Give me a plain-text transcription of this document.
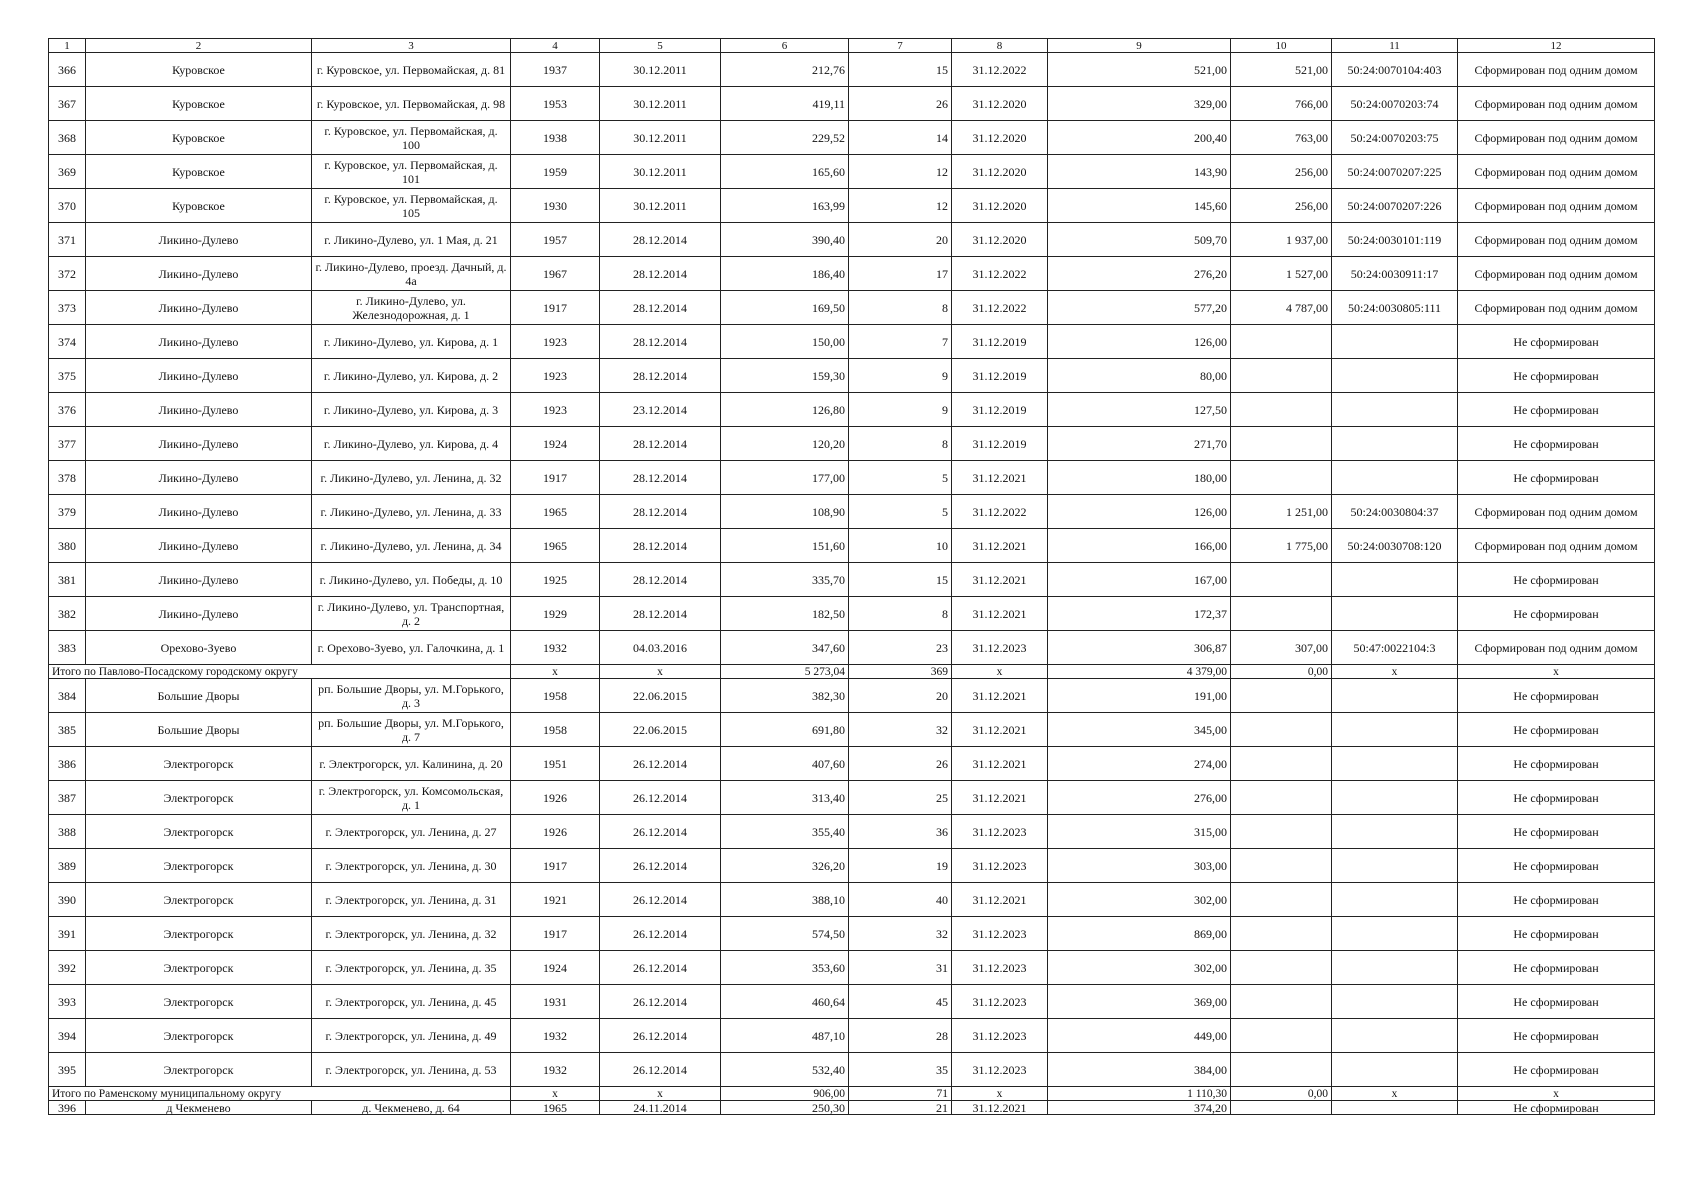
1	2	3	4	5	6	7	8	9	10	11	12
366	Куровское	г. Куровское, ул. Первомайская, д. 81	1937	30.12.2011	212,76	15	31.12.2022	521,00	521,00	50:24:0070104:403	Сформирован под одним домом
367	Куровское	г. Куровское, ул. Первомайская, д. 98	1953	30.12.2011	419,11	26	31.12.2020	329,00	766,00	50:24:0070203:74	Сформирован под одним домом
368	Куровское	г. Куровское, ул. Первомайская, д. 100	1938	30.12.2011	229,52	14	31.12.2020	200,40	763,00	50:24:0070203:75	Сформирован под одним домом
369	Куровское	г. Куровское, ул. Первомайская, д. 101	1959	30.12.2011	165,60	12	31.12.2020	143,90	256,00	50:24:0070207:225	Сформирован под одним домом
370	Куровское	г. Куровское, ул. Первомайская, д. 105	1930	30.12.2011	163,99	12	31.12.2020	145,60	256,00	50:24:0070207:226	Сформирован под одним домом
371	Ликино-Дулево	г. Ликино-Дулево, ул. 1 Мая, д. 21	1957	28.12.2014	390,40	20	31.12.2020	509,70	1 937,00	50:24:0030101:119	Сформирован под одним домом
372	Ликино-Дулево	г. Ликино-Дулево, проезд. Дачный, д. 4а	1967	28.12.2014	186,40	17	31.12.2022	276,20	1 527,00	50:24:0030911:17	Сформирован под одним домом
373	Ликино-Дулево	г. Ликино-Дулево, ул. Железнодорожная, д. 1	1917	28.12.2014	169,50	8	31.12.2022	577,20	4 787,00	50:24:0030805:111	Сформирован под одним домом
374	Ликино-Дулево	г. Ликино-Дулево, ул. Кирова, д. 1	1923	28.12.2014	150,00	7	31.12.2019	126,00			Не сформирован
375	Ликино-Дулево	г. Ликино-Дулево, ул. Кирова, д. 2	1923	28.12.2014	159,30	9	31.12.2019	80,00			Не сформирован
376	Ликино-Дулево	г. Ликино-Дулево, ул. Кирова, д. 3	1923	23.12.2014	126,80	9	31.12.2019	127,50			Не сформирован
377	Ликино-Дулево	г. Ликино-Дулево, ул. Кирова, д. 4	1924	28.12.2014	120,20	8	31.12.2019	271,70			Не сформирован
378	Ликино-Дулево	г. Ликино-Дулево, ул. Ленина, д. 32	1917	28.12.2014	177,00	5	31.12.2021	180,00			Не сформирован
379	Ликино-Дулево	г. Ликино-Дулево, ул. Ленина, д. 33	1965	28.12.2014	108,90	5	31.12.2022	126,00	1 251,00	50:24:0030804:37	Сформирован под одним домом
380	Ликино-Дулево	г. Ликино-Дулево, ул. Ленина, д. 34	1965	28.12.2014	151,60	10	31.12.2021	166,00	1 775,00	50:24:0030708:120	Сформирован под одним домом
381	Ликино-Дулево	г. Ликино-Дулево, ул. Победы, д. 10	1925	28.12.2014	335,70	15	31.12.2021	167,00			Не сформирован
382	Ликино-Дулево	г. Ликино-Дулево, ул. Транспортная, д. 2	1929	28.12.2014	182,50	8	31.12.2021	172,37			Не сформирован
383	Орехово-Зуево	г. Орехово-Зуево, ул. Галочкина, д. 1	1932	04.03.2016	347,60	23	31.12.2023	306,87	307,00	50:47:0022104:3	Сформирован под одним домом
Итого по Павлово-Посадскому городскому округу			x	x	5 273,04	369	x	4 379,00	0,00	x	x
384	Большие Дворы	рп. Большие Дворы, ул. М.Горького, д. 3	1958	22.06.2015	382,30	20	31.12.2021	191,00			Не сформирован
385	Большие Дворы	рп. Большие Дворы, ул. М.Горького, д. 7	1958	22.06.2015	691,80	32	31.12.2021	345,00			Не сформирован
386	Электрогорск	г. Электрогорск, ул. Калинина, д. 20	1951	26.12.2014	407,60	26	31.12.2021	274,00			Не сформирован
387	Электрогорск	г. Электрогорск, ул. Комсомольская, д. 1	1926	26.12.2014	313,40	25	31.12.2021	276,00			Не сформирован
388	Электрогорск	г. Электрогорск, ул. Ленина, д. 27	1926	26.12.2014	355,40	36	31.12.2023	315,00			Не сформирован
389	Электрогорск	г. Электрогорск, ул. Ленина, д. 30	1917	26.12.2014	326,20	19	31.12.2023	303,00			Не сформирован
390	Электрогорск	г. Электрогорск, ул. Ленина, д. 31	1921	26.12.2014	388,10	40	31.12.2021	302,00			Не сформирован
391	Электрогорск	г. Электрогорск, ул. Ленина, д. 32	1917	26.12.2014	574,50	32	31.12.2023	869,00			Не сформирован
392	Электрогорск	г. Электрогорск, ул. Ленина, д. 35	1924	26.12.2014	353,60	31	31.12.2023	302,00			Не сформирован
393	Электрогорск	г. Электрогорск, ул. Ленина, д. 45	1931	26.12.2014	460,64	45	31.12.2023	369,00			Не сформирован
394	Электрогорск	г. Электрогорск, ул. Ленина, д. 49	1932	26.12.2014	487,10	28	31.12.2023	449,00			Не сформирован
395	Электрогорск	г. Электрогорск, ул. Ленина, д. 53	1932	26.12.2014	532,40	35	31.12.2023	384,00			Не сформирован
Итого по Раменскому муниципальному округу			x	x	906,00	71	x	1 110,30	0,00	x	x
396	д Чекменево	д. Чекменево, д. 64	1965	24.11.2014	250,30	21	31.12.2021	374,20			Не сформирован
